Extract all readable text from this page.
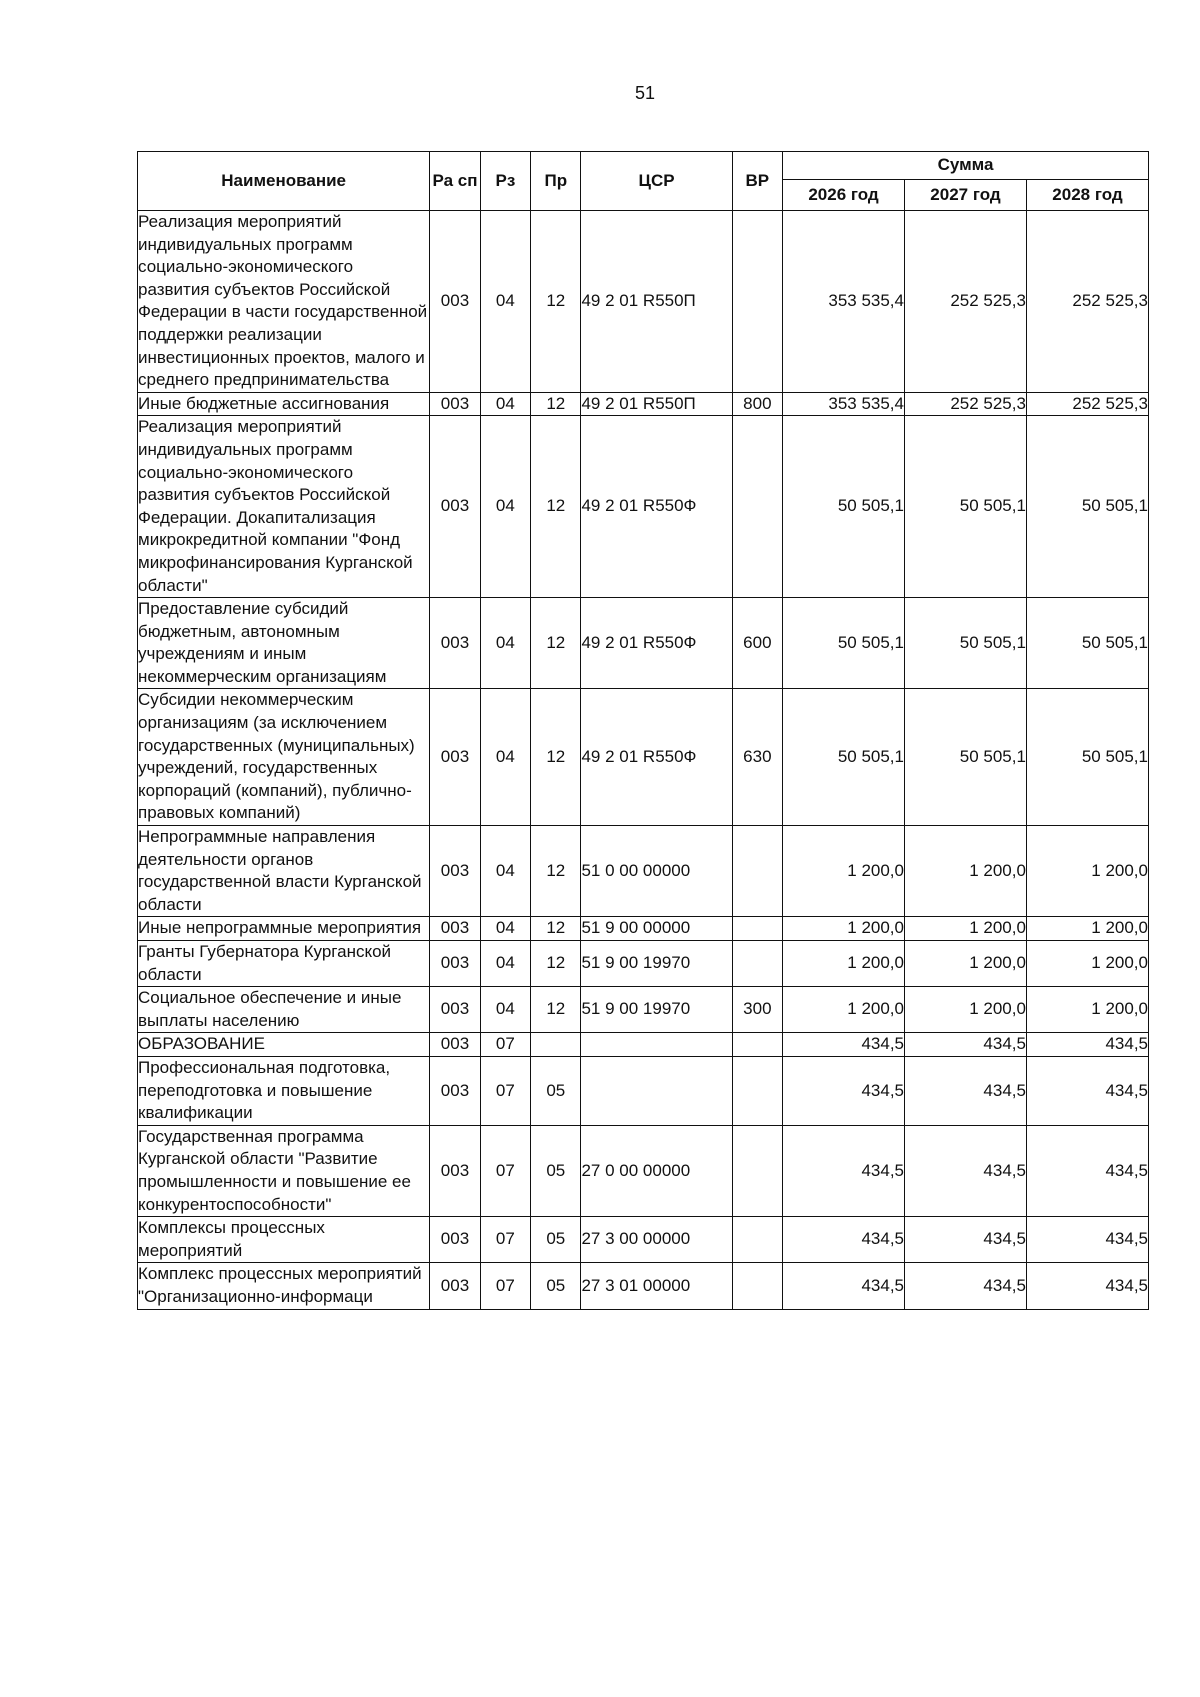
51
Наименование	Ра сп	Рз	Пр	ЦСР	ВР	Сумма		
						2026 год	2027 год	2028 год
Реализация мероприятий индивидуальных программ социально-экономического развития субъектов Российской Федерации в части государственной поддержки реализации инвестиционных проектов, малого и среднего предпринимательства	003	04	12	49 2 01 R550П		353 535,4	252 525,3	252 525,3
Иные бюджетные ассигнования	003	04	12	49 2 01 R550П	800	353 535,4	252 525,3	252 525,3
Реализация мероприятий индивидуальных программ социально-экономического развития субъектов Российской Федерации. Докапитализация микрокредитной компании "Фонд микрофинансирования Курганской области"	003	04	12	49 2 01 R550Ф		50 505,1	50 505,1	50 505,1
Предоставление субсидий бюджетным, автономным учреждениям и иным некоммерческим организациям	003	04	12	49 2 01 R550Ф	600	50 505,1	50 505,1	50 505,1
Субсидии некоммерческим организациям (за исключением государственных (муниципальных) учреждений, государственных корпораций (компаний), публично-правовых компаний)	003	04	12	49 2 01 R550Ф	630	50 505,1	50 505,1	50 505,1
Непрограммные направления деятельности органов государственной власти Курганской области	003	04	12	51 0 00 00000		1 200,0	1 200,0	1 200,0
Иные непрограммные мероприятия	003	04	12	51 9 00 00000		1 200,0	1 200,0	1 200,0
Гранты Губернатора Курганской области	003	04	12	51 9 00 19970		1 200,0	1 200,0	1 200,0
Социальное обеспечение и иные выплаты населению	003	04	12	51 9 00 19970	300	1 200,0	1 200,0	1 200,0
ОБРАЗОВАНИЕ	003	07				434,5	434,5	434,5
Профессиональная подготовка, переподготовка и повышение квалификации	003	07	05			434,5	434,5	434,5
Государственная программа Курганской области "Развитие промышленности и повышение ее конкурентоспособности"	003	07	05	27 0 00 00000		434,5	434,5	434,5
Комплексы процессных мероприятий	003	07	05	27 3 00 00000		434,5	434,5	434,5
Комплекс процессных мероприятий "Организационно-информаци	003	07	05	27 3 01 00000		434,5	434,5	434,5
